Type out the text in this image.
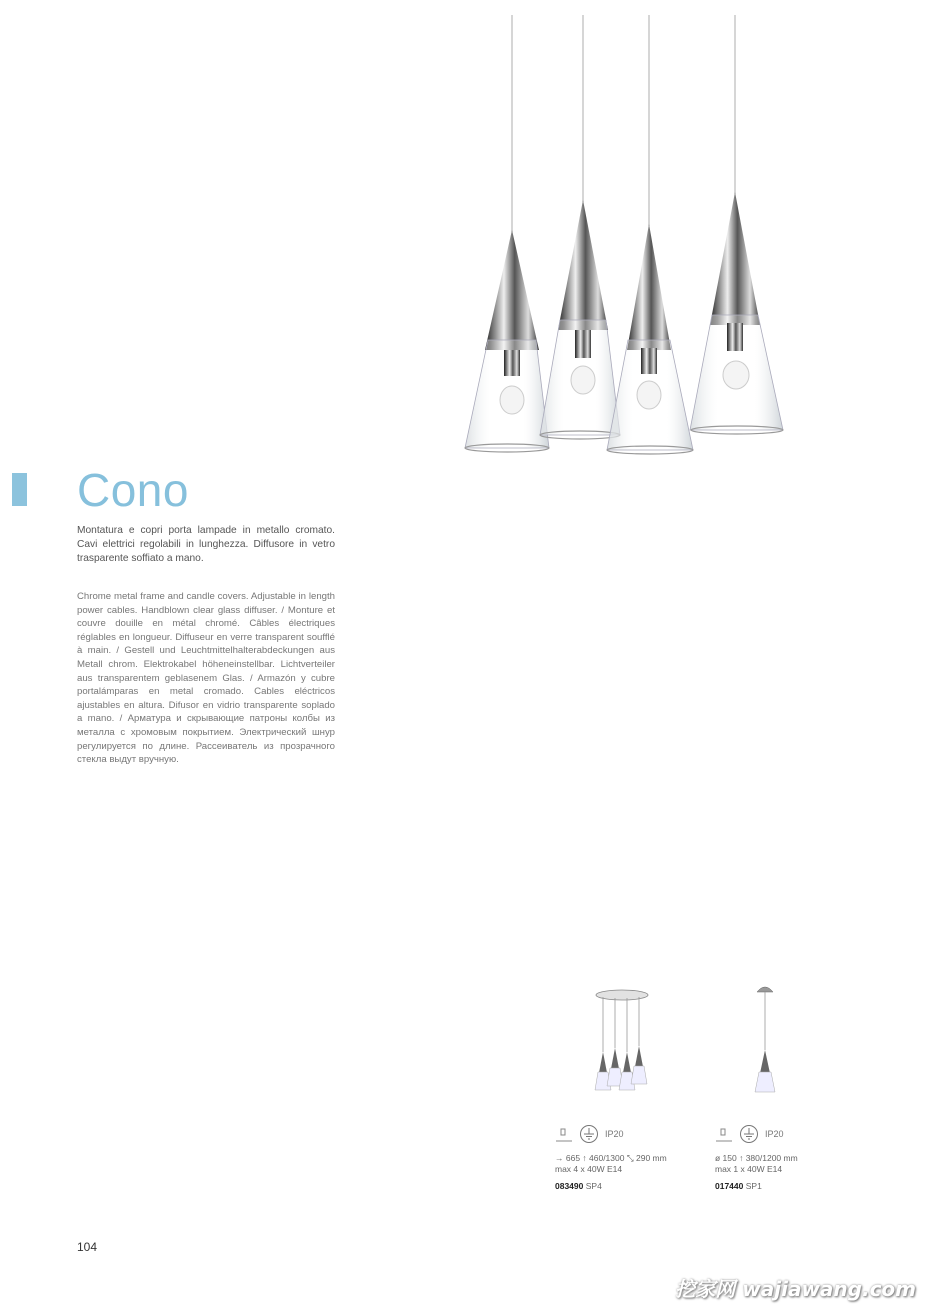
Cono

Montatura e copri porta lampade in metallo cromato. Cavi elettrici regolabili in lunghezza. Diffusore in vetro trasparente soffiato a mano.

Chrome metal frame and candle covers. Adjustable in length power cables. Handblown clear glass diffuser. / Monture et couvre douille en métal chromé. Câbles électriques réglables en longueur. Diffuseur en verre transparent soufflé à main. / Gestell und Leuchtmittelhalterabdeckungen aus Metall chrom. Elektrokabel höheneinstellbar. Lichtverteiler aus transparentem geblasenem Glas. / Armazón y cubre portalámparas en metal cromado. Cables eléctricos ajustables en altura. Difusor en vidrio transparente soplado a mano. / Арматура и скрывающие патроны колбы из металла с хромовым покрытием. Электрический шнур регулируется по длине. Рассеиватель из прозрачного стекла выдут вручную.

IP20
→ 665 ↑ 460/1300 ⤡ 290 mm
max 4 x 40W E14
083490 SP4
IP20
ø 150 ↑ 380/1200 mm
max 1 x 40W E14
017440 SP1
104
挖家网 wajiawang.com
